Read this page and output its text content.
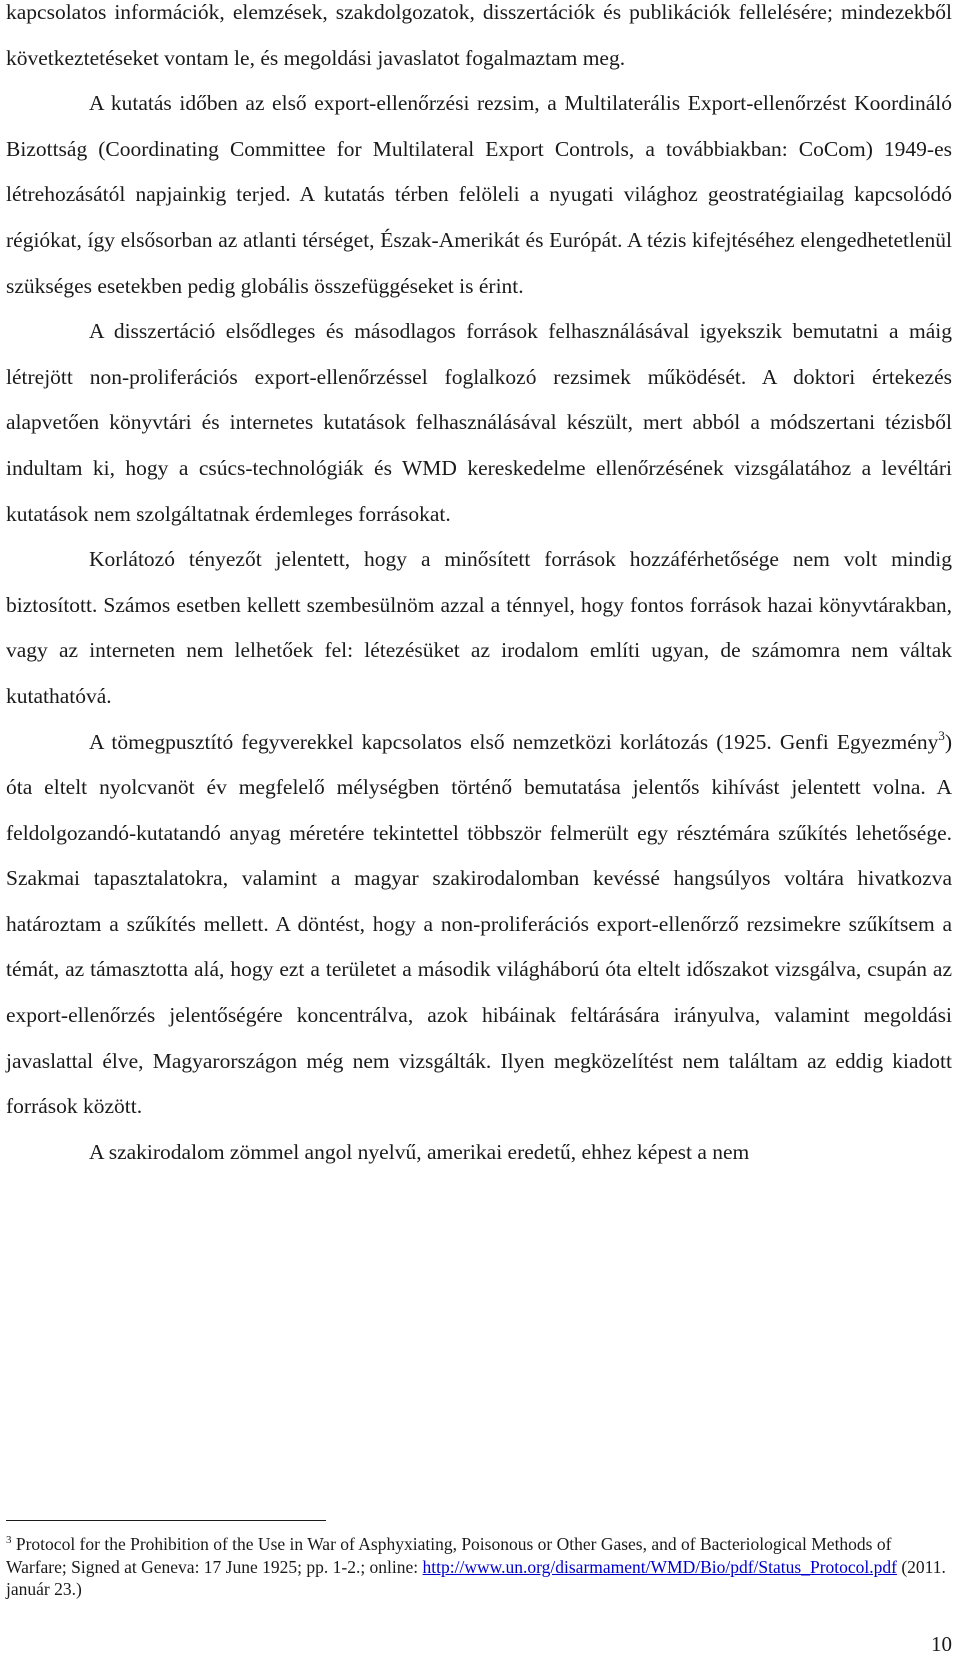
kapcsolatos információk, elemzések, szakdolgozatok, disszertációk és publikációk fellelésére; mindezekből következtetéseket vontam le, és megoldási javaslatot fogalmaztam meg.

A kutatás időben az első export-ellenőrzési rezsim, a Multilaterális Export-ellenőrzést Koordináló Bizottság (Coordinating Committee for Multilateral Export Controls, a továbbiakban: CoCom) 1949-es létrehozásától napjainkig terjed. A kutatás térben felöleli a nyugati világhoz geostratégiailag kapcsolódó régiókat, így elsősorban az atlanti térséget, Észak-Amerikát és Európát. A tézis kifejtéséhez elengedhetetlenül szükséges esetekben pedig globális összefüggéseket is érint.

A disszertáció elsődleges és másodlagos források felhasználásával igyekszik bemutatni a máig létrejött non-proliferációs export-ellenőrzéssel foglalkozó rezsimek működését. A doktori értekezés alapvetően könyvtári és internetes kutatások felhasználásával készült, mert abból a módszertani tézisből indultam ki, hogy a csúcs-technológiák és WMD kereskedelme ellenőrzésének vizsgálatához a levéltári kutatások nem szolgáltatnak érdemleges forrásokat.

Korlátozó tényezőt jelentett, hogy a minősített források hozzáférhetősége nem volt mindig biztosított. Számos esetben kellett szembesülnöm azzal a ténnyel, hogy fontos források hazai könyvtárakban, vagy az interneten nem lelhetőek fel: létezésüket az irodalom említi ugyan, de számomra nem váltak kutathatóvá.

A tömegpusztító fegyverekkel kapcsolatos első nemzetközi korlátozás (1925. Genfi Egyezmény$^3$) óta eltelt nyolcvanöt év megfelelő mélységben történő bemutatása jelentős kihívást jelentett volna. A feldolgozandó-kutatandó anyag méretére tekintettel többször felmerült egy résztémára szűkítés lehetősége. Szakmai tapasztalatokra, valamint a magyar szakirodalomban kevéssé hangsúlyos voltára hivatkozva határoztam a szűkítés mellett. A döntést, hogy a non-proliferációs export-ellenőrző rezsimekre szűkítsem a témát, az támasztotta alá, hogy ezt a területet a második világháború óta eltelt időszakot vizsgálva, csupán az export-ellenőrzés jelentőségére koncentrálva, azok hibáinak feltárására irányulva, valamint megoldási javaslattal élve, Magyarországon még nem vizsgálták. Ilyen megközelítést nem találtam az eddig kiadott források között.

A szakirodalom zömmel angol nyelvű, amerikai eredetű, ehhez képest a nem

$^3$ Protocol for the Prohibition of the Use in War of Asphyxiating, Poisonous or Other Gases, and of Bacteriological Methods of Warfare; Signed at Geneva: 17 June 1925; pp. 1-2.; online: http://www.un.org/disarmament/WMD/Bio/pdf/Status_Protocol.pdf (2011. január 23.)
10
